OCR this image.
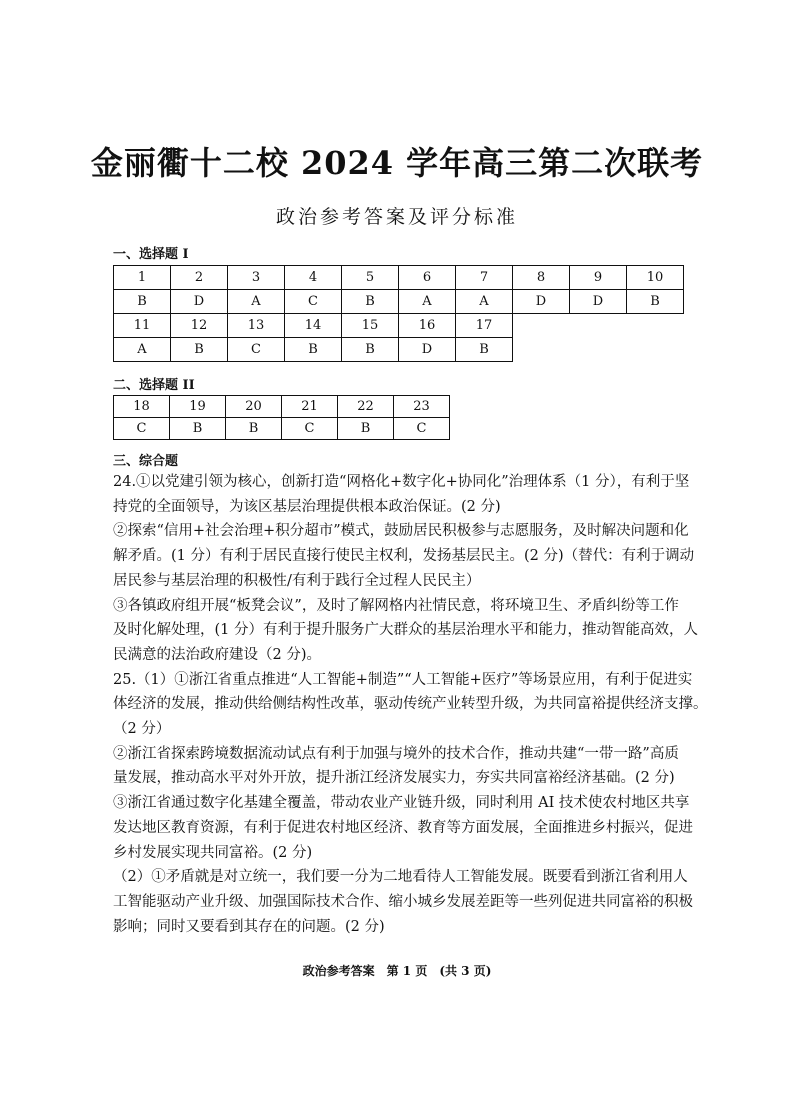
金丽衢十二校 2024 学年高三第二次联考
政治参考答案及评分标准
一、选择题 I
1	2	3	4	5	6	7	8	9	10
B	D	A	C	B	A	A	D	D	B
11	12	13	14	15	16	17			
A	B	C	B	B	D	B			
二、选择题 II
18	19	20	21	22	23
C	B	B	C	B	C
三、综合题
24.①以党建引领为核心，创新打造“网格化+数字化+协同化”治理体系（1 分），有利于坚
持党的全面领导，为该区基层治理提供根本政治保证。(2 分)
②探索“信用+社会治理+积分超市”模式，鼓励居民积极参与志愿服务，及时解决问题和化
解矛盾。(1 分）有利于居民直接行使民主权利，发扬基层民主。(2 分)（替代：有利于调动
居民参与基层治理的积极性/有利于践行全过程人民民主）
③各镇政府组开展“板凳会议”，及时了解网格内社情民意，将环境卫生、矛盾纠纷等工作
及时化解处理，(1 分）有利于提升服务广大群众的基层治理水平和能力，推动智能高效，人
民满意的法治政府建设（2 分)。
25.（1）①浙江省重点推进“人工智能+制造”“人工智能+医疗”等场景应用，有利于促进实
体经济的发展，推动供给侧结构性改革，驱动传统产业转型升级，为共同富裕提供经济支撑。
（2 分）
②浙江省探索跨境数据流动试点有利于加强与境外的技术合作，推动共建“一带一路”高质
量发展，推动高水平对外开放，提升浙江经济发展实力，夯实共同富裕经济基础。(2 分)
③浙江省通过数字化基建全覆盖，带动农业产业链升级，同时利用 AI 技术使农村地区共享
发达地区教育资源，有利于促进农村地区经济、教育等方面发展，全面推进乡村振兴，促进
乡村发展实现共同富裕。(2 分)
（2）①矛盾就是对立统一，我们要一分为二地看待人工智能发展。既要看到浙江省利用人
工智能驱动产业升级、加强国际技术合作、缩小城乡发展差距等一些列促进共同富裕的积极
影响；同时又要看到其存在的问题。(2 分)
政治参考答案　第 1 页　(共 3 页)
